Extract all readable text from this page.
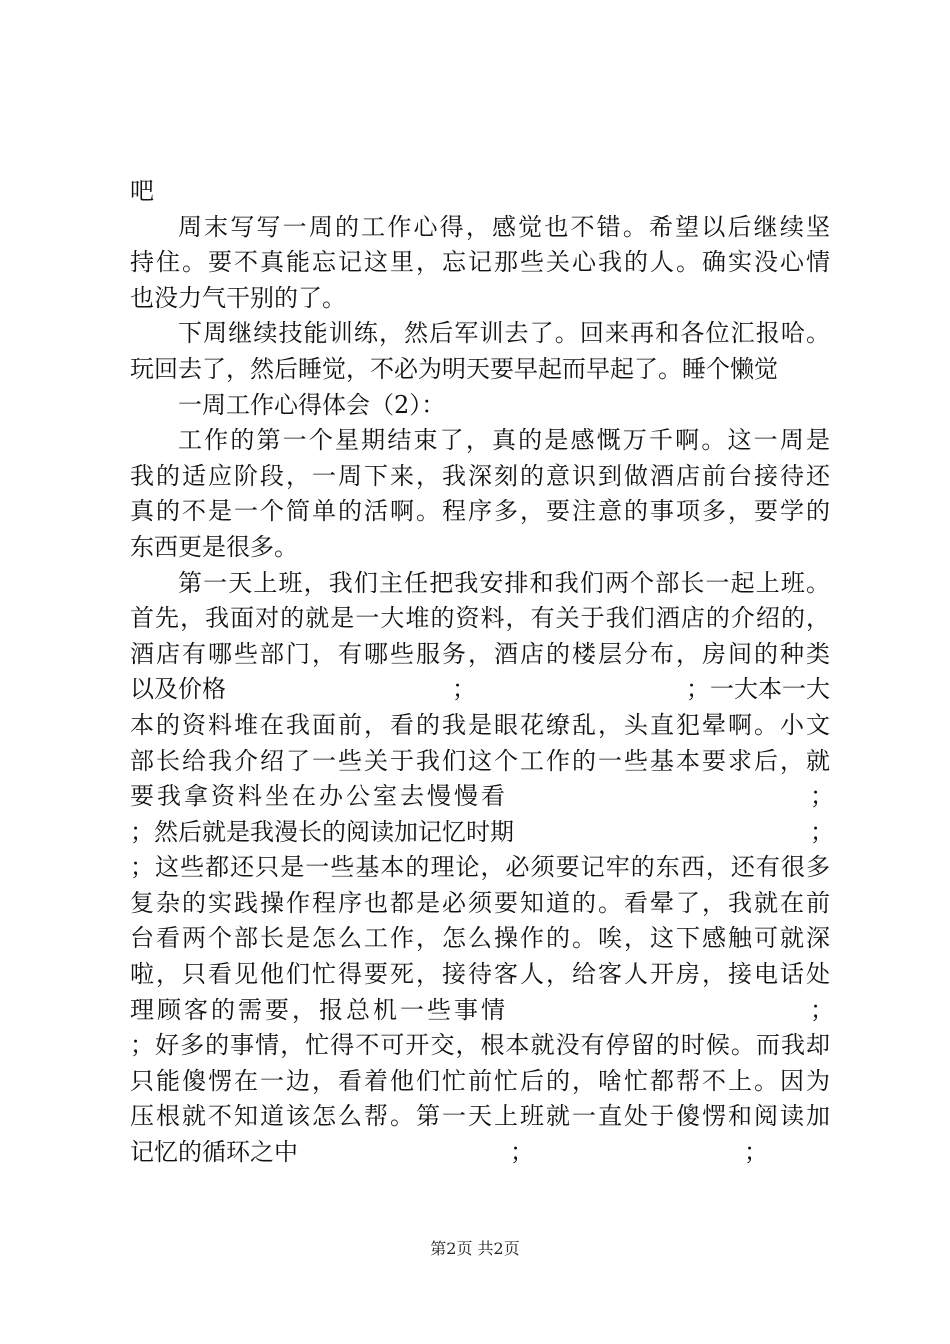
吧
周末写写一周的工作心得，感觉也不错。希望以后继续坚
持住。要不真能忘记这里，忘记那些关心我的人。确实没心情
也没力气干别的了。
下周继续技能训练，然后军训去了。回来再和各位汇报哈。
玩回去了，然后睡觉，不必为明天要早起而早起了。睡个懒觉
一周工作心得体会（2）：
工作的第一个星期结束了，真的是感慨万千啊。这一周是
我的适应阶段，一周下来，我深刻的意识到做酒店前台接待还
真的不是一个简单的活啊。程序多，要注意的事项多，要学的
东西更是很多。
第一天上班，我们主任把我安排和我们两个部长一起上班。
首先，我面对的就是一大堆的资料，有关于我们酒店的介绍的，
酒店有哪些部门，有哪些服务，酒店的楼层分布，房间的种类
以及价格	；	；一大本一大
本的资料堆在我面前，看的我是眼花缭乱，头直犯晕啊。小文
部长给我介绍了一些关于我们这个工作的一些基本要求后，就
要我拿资料坐在办公室去慢慢看	；
；然后就是我漫长的阅读加记忆时期	；
；这些都还只是一些基本的理论，必须要记牢的东西，还有很多
复杂的实践操作程序也都是必须要知道的。看晕了，我就在前
台看两个部长是怎么工作，怎么操作的。唉，这下感触可就深
啦，只看见他们忙得要死，接待客人，给客人开房，接电话处
理顾客的需要，报总机一些事情	；
；好多的事情，忙得不可开交，根本就没有停留的时候。而我却
只能傻愣在一边，看着他们忙前忙后的，啥忙都帮不上。因为
压根就不知道该怎么帮。第一天上班就一直处于傻愣和阅读加
记忆的循环之中	；	；
第2页 共2页
